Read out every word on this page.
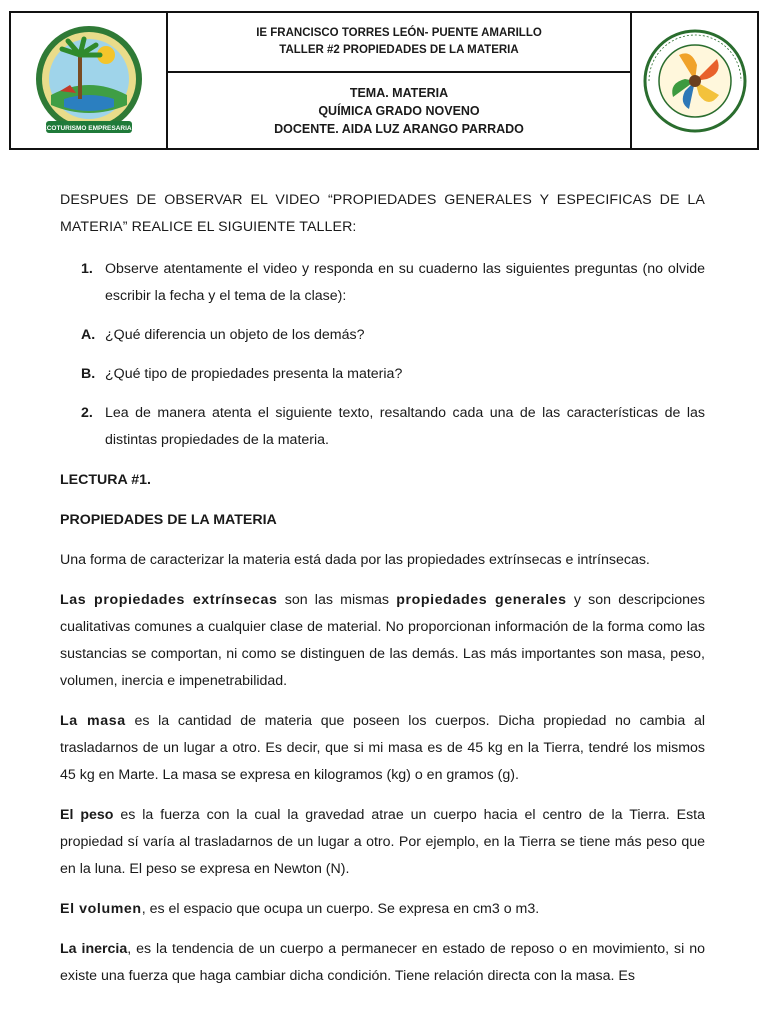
ECOTURISMO EMPRESARIAL
IE FRANCISCO TORRES LEÓN- PUENTE AMARILLO
TALLER #2 PROPIEDADES DE LA MATERIA
TEMA. MATERIA
QUÍMICA GRADO NOVENO
DOCENTE. AIDA LUZ ARANGO PARRADO

DESPUES DE OBSERVAR EL VIDEO “PROPIEDADES GENERALES Y ESPECIFICAS DE LA MATERIA” REALICE EL SIGUIENTE TALLER:

1. Observe atentamente el video y responda en su cuaderno las siguientes preguntas (no olvide escribir la fecha y el tema de la clase):
A. ¿Qué diferencia un objeto de los demás?
B. ¿Qué tipo de propiedades presenta la materia?
2. Lea de manera atenta el siguiente texto, resaltando cada una de las características de las distintas propiedades de la materia.

LECTURA #1.

PROPIEDADES DE LA MATERIA

Una forma de caracterizar la materia está dada por las propiedades extrínsecas e intrínsecas.

Las propiedades extrínsecas son las mismas propiedades generales y son descripciones cualitativas comunes a cualquier clase de material. No proporcionan información de la forma como las sustancias se comportan, ni como se distinguen de las demás. Las más importantes son masa, peso, volumen, inercia e impenetrabilidad.

La masa es la cantidad de materia que poseen los cuerpos. Dicha propiedad no cambia al trasladarnos de un lugar a otro. Es decir, que si mi masa es de 45 kg en la Tierra, tendré los mismos 45 kg en Marte. La masa se expresa en kilogramos (kg) o en gramos (g).

El peso es la fuerza con la cual la gravedad atrae un cuerpo hacia el centro de la Tierra. Esta propiedad sí varía al trasladarnos de un lugar a otro. Por ejemplo, en la Tierra se tiene más peso que en la luna. El peso se expresa en Newton (N).

El volumen, es el espacio que ocupa un cuerpo. Se expresa en cm3 o m3.

La inercia, es la tendencia de un cuerpo a permanecer en estado de reposo o en movimiento, si no existe una fuerza que haga cambiar dicha condición. Tiene relación directa con la masa. Es
